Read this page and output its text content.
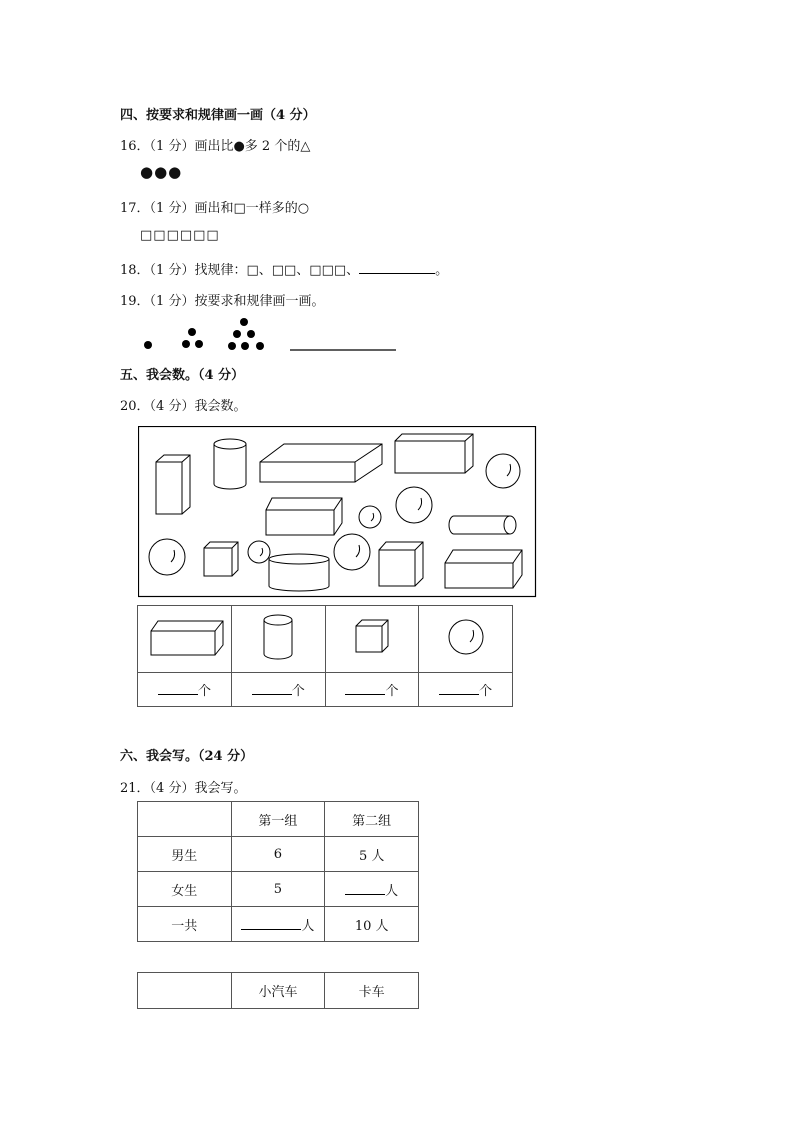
四、按要求和规律画一画（4 分）
16．（1 分）画出比●多 2 个的△
●●●
17．（1 分）画出和□一样多的○
□□□□□□
18．（1 分）找规律：□、□□、□□□、	。
19．（1 分）按要求和规律画一画。
五、我会数。（4 分）
20．（4 分）我会数。

个	个	个	个
六、我会写。（24 分）
21．（4 分）我会写。
	第一组	第二组
男生	6	5 人
女生	5	人
一共	人	10 人
	小汽车	卡车
